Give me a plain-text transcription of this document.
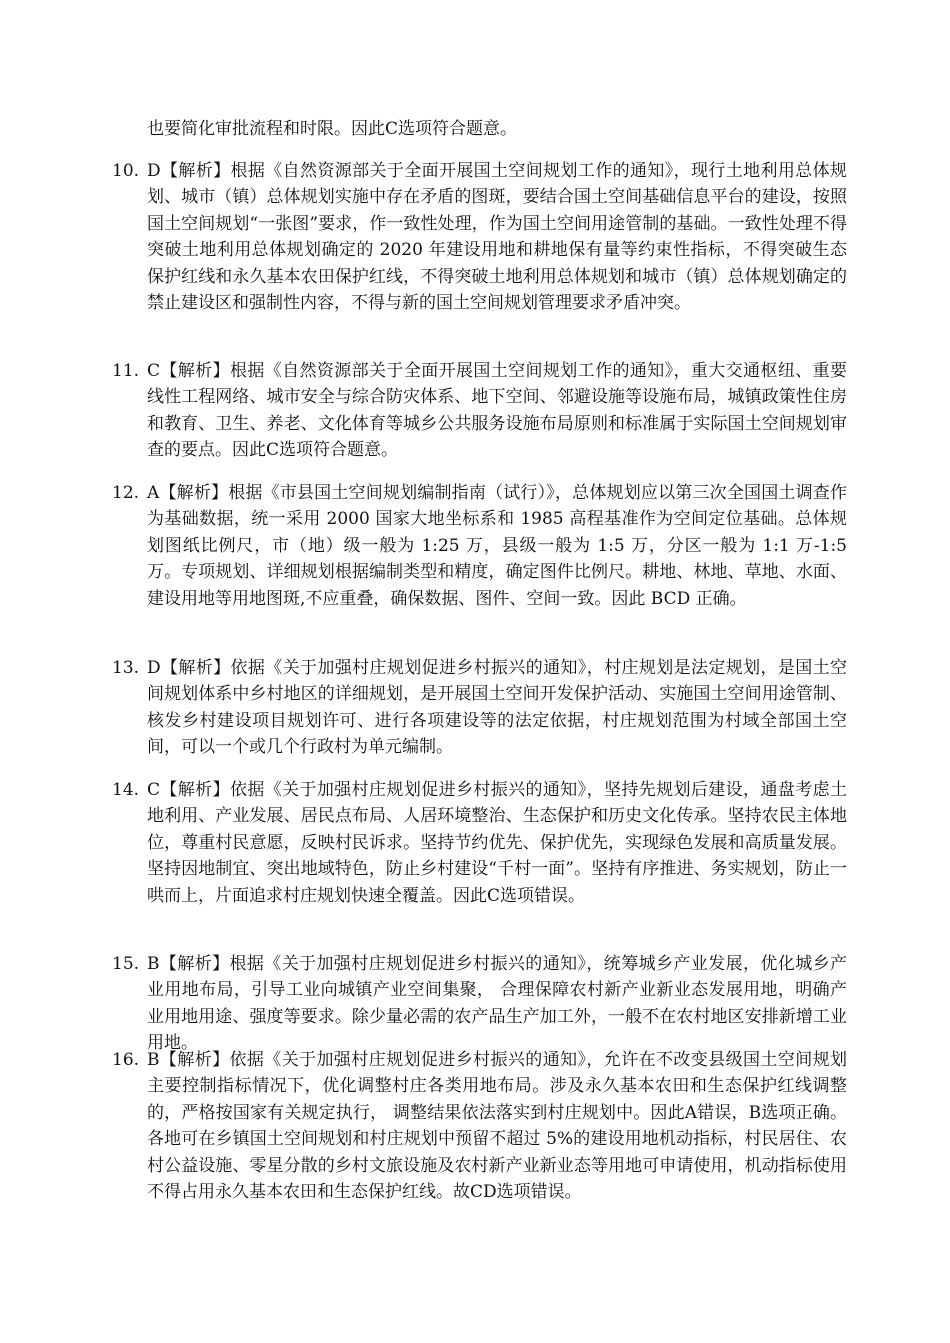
也要简化审批流程和时限。因此C选项符合题意。

10. D【解析】根据《自然资源部关于全面开展国土空间规划工作的通知》，现行土地利用总体规划、城市（镇）总体规划实施中存在矛盾的图斑，要结合国土空间基础信息平台的建设，按照国土空间规划“一张图”要求，作一致性处理，作为国土空间用途管制的基础。一致性处理不得突破土地利用总体规划确定的 2020 年建设用地和耕地保有量等约束性指标，不得突破生态保护红线和永久基本农田保护红线，不得突破土地利用总体规划和城市（镇）总体规划确定的禁止建设区和强制性内容，不得与新的国土空间规划管理要求矛盾冲突。
11. C【解析】根据《自然资源部关于全面开展国土空间规划工作的通知》，重大交通枢纽、重要线性工程网络、城市安全与综合防灾体系、地下空间、邻避设施等设施布局，城镇政策性住房和教育、卫生、养老、文化体育等城乡公共服务设施布局原则和标准属于实际国土空间规划审查的要点。因此C选项符合题意。
12. A【解析】根据《市县国土空间规划编制指南（试行）》，总体规划应以第三次全国国土调查作为基础数据，统一采用 2000 国家大地坐标系和 1985 高程基准作为空间定位基础。总体规划图纸比例尺，市（地）级一般为 1:25 万，县级一般为 1:5 万，分区一般为 1:1 万-1:5 万。专项规划、详细规划根据编制类型和精度，确定图件比例尺。耕地、林地、草地、水面、建设用地等用地图斑,不应重叠，确保数据、图件、空间一致。因此 BCD 正确。
13. D【解析】依据《关于加强村庄规划促进乡村振兴的通知》，村庄规划是法定规划，是国土空间规划体系中乡村地区的详细规划，是开展国土空间开发保护活动、实施国土空间用途管制、核发乡村建设项目规划许可、进行各项建设等的法定依据，村庄规划范围为村域全部国土空间，可以一个或几个行政村为单元编制。
14. C【解析】依据《关于加强村庄规划促进乡村振兴的通知》，坚持先规划后建设，通盘考虑土地利用、产业发展、居民点布局、人居环境整治、生态保护和历史文化传承。坚持农民主体地位，尊重村民意愿，反映村民诉求。坚持节约优先、保护优先，实现绿色发展和高质量发展。坚持因地制宜、突出地域特色，防止乡村建设“千村一面”。坚持有序推进、务实规划，防止一哄而上，片面追求村庄规划快速全覆盖。因此C选项错误。
15. B【解析】根据《关于加强村庄规划促进乡村振兴的通知》，统筹城乡产业发展，优化城乡产业用地布局，引导工业向城镇产业空间集聚， 合理保障农村新产业新业态发展用地，明确产业用地用途、强度等要求。除少量必需的农产品生产加工外，一般不在农村地区安排新增工业用地。
16. B【解析】依据《关于加强村庄规划促进乡村振兴的通知》，允许在不改变县级国土空间规划主要控制指标情况下，优化调整村庄各类用地布局。涉及永久基本农田和生态保护红线调整的，严格按国家有关规定执行， 调整结果依法落实到村庄规划中。因此A错误，B选项正确。各地可在乡镇国土空间规划和村庄规划中预留不超过 5%的建设用地机动指标，村民居住、农村公益设施、零星分散的乡村文旅设施及农村新产业新业态等用地可申请使用，机动指标使用不得占用永久基本农田和生态保护红线。故CD选项错误。
